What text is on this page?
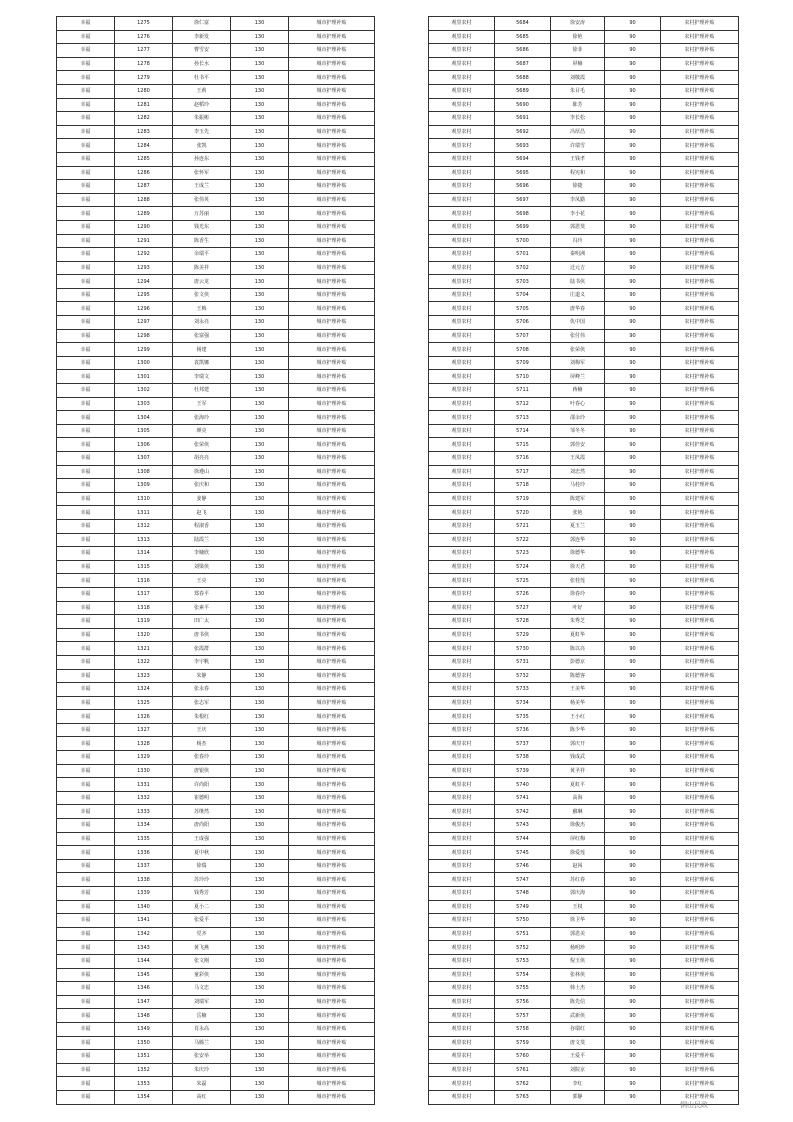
幸福	1275	徐仁富	130	城市护理补贴
幸福	1276	李新发	130	城市护理补贴
幸福	1277	曹雪安	130	城市护理补贴
幸福	1278	孙长水	130	城市护理补贴
幸福	1279	杜书平	130	城市护理补贴
幸福	1280	王莉	130	城市护理补贴
幸福	1281	赵稻玲	130	城市护理补贴
幸福	1282	朱振彬	130	城市护理补贴
幸福	1283	李玉先	130	城市护理补贴
幸福	1284	张凯	130	城市护理补贴
幸福	1285	孙连东	130	城市护理补贴
幸福	1286	张怀军	130	城市护理补贴
幸福	1287	王成兰	130	城市护理补贴
幸福	1288	张伟英	130	城市护理补贴
幸福	1289	万苏丽	130	城市护理补贴
幸福	1290	钱光东	130	城市护理补贴
幸福	1291	陈香生	130	城市护理补贴
幸福	1292	余瑞平	130	城市护理补贴
幸福	1293	陈美祥	130	城市护理补贴
幸福	1294	唐云龙	130	城市护理补贴
幸福	1295	张文侠	130	城市护理补贴
幸福	1296	王梅	130	城市护理补贴
幸福	1297	刘永亮	130	城市护理补贴
幸福	1298	张富强	130	城市护理补贴
幸福	1299	杨建	130	城市护理补贴
幸福	1300	袁凯娜	130	城市护理补贴
幸福	1301	李瑞文	130	城市护理补贴
幸福	1302	杜邦建	130	城市护理补贴
幸福	1303	王军	130	城市护理补贴
幸福	1304	张海玲	130	城市护理补贴
幸福	1305	颜亮	130	城市护理补贴
幸福	1306	张荣侠	130	城市护理补贴
幸福	1307	胡亮亮	130	城市护理补贴
幸福	1308	徐遵山	130	城市护理补贴
幸福	1309	张庆和	130	城市护理补贴
幸福	1310	姜静	130	城市护理补贴
幸福	1311	赵飞	130	城市护理补贴
幸福	1312	程淑香	130	城市护理补贴
幸福	1313	陆霞兰	130	城市护理补贴
幸福	1314	李墉欣	130	城市护理补贴
幸福	1315	刘梁侠	130	城市护理补贴
幸福	1316	王亮	130	城市护理补贴
幸福	1317	郑春平	130	城市护理补贴
幸福	1318	张素平	130	城市护理补贴
幸福	1319	田广太	130	城市护理补贴
幸福	1320	唐书侠	130	城市护理补贴
幸福	1321	张霞群	130	城市护理补贴
幸福	1322	李宇帆	130	城市护理补贴
幸福	1323	朱静	130	城市护理补贴
幸福	1324	张永春	130	城市护理补贴
幸福	1325	张志军	130	城市护理补贴
幸福	1326	朱根红	130	城市护理补贴
幸福	1327	王庆	130	城市护理补贴
幸福	1328	杨杰	130	城市护理补贴
幸福	1329	张春玲	130	城市护理补贴
幸福	1330	唐银侠	130	城市护理补贴
幸福	1331	许尚阳	130	城市护理补贴
幸福	1332	崔德明	130	城市护理补贴
幸福	1333	苏继然	130	城市护理补贴
幸福	1334	唐尚阳	130	城市护理补贴
幸福	1335	王成强	130	城市护理补贴
幸福	1336	夏中秋	130	城市护理补贴
幸福	1337	徐瑞	130	城市护理补贴
幸福	1338	苏玲玲	130	城市护理补贴
幸福	1339	钱秀芳	130	城市护理补贴
幸福	1340	夏小二	130	城市护理补贴
幸福	1341	张爱平	130	城市护理补贴
幸福	1342	党齐	130	城市护理补贴
幸福	1343	黄飞燕	130	城市护理补贴
幸福	1344	张文刚	130	城市护理补贴
幸福	1345	童彩侠	130	城市护理补贴
幸福	1346	马文忠	130	城市护理补贴
幸福	1347	刘瑞军	130	城市护理补贴
幸福	1348	岳楠	130	城市护理补贴
幸福	1349	肖永高	130	城市护理补贴
幸福	1350	马腾兰	130	城市护理补贴
幸福	1351	张安举	130	城市护理补贴
幸福	1352	朱庆玲	130	城市护理补贴
幸福	1353	朱磊	130	城市护理补贴
幸福	1354	高红	130	城市护理补贴
观里农村	5684	徐安涛	90	农村护理补贴
观里农村	5685	徐艳	90	农村护理补贴
观里农村	5686	徐菲	90	农村护理补贴
观里农村	5687	屏楠	90	农村护理补贴
观里农村	5688	刘敬霞	90	农村护理补贴
观里农村	5689	朱目毛	90	农村护理补贴
观里农村	5690	陈芳	90	农村护理补贴
观里农村	5691	李长松	90	农村护理补贴
观里农村	5692	冯厚昌	90	农村护理补贴
观里农村	5693	许瑞雪	90	农村护理补贴
观里农村	5694	王钱孝	90	农村护理补贴
观里农村	5695	程宪和	90	农村护理补贴
观里农村	5696	徐捷	90	农村护理补贴
观里农村	5697	李凤勤	90	农村护理补贴
观里农村	5698	李小花	90	农村护理补贴
观里农村	5699	郭恩斐	90	农村护理补贴
观里农村	5700	冯玲	90	农村护理补贴
观里农村	5701	秦明洲	90	农村护理补贴
观里农村	5702	迁元吉	90	农村护理补贴
观里农村	5703	陆书侠	90	农村护理补贴
观里农村	5704	庄道义	90	农村护理补贴
观里农村	5705	唐华春	90	农村护理补贴
观里农村	5706	仇中国	90	农村护理补贴
观里农村	5707	张付伟	90	农村护理补贴
观里农村	5708	张荣侠	90	农村护理补贴
观里农村	5709	刘梅军	90	农村护理补贴
观里农村	5710	屏峰兰	90	农村护理补贴
观里农村	5711	蒋楠	90	农村护理补贴
观里农村	5712	叶春心	90	农村护理补贴
观里农村	5713	邵余玲	90	农村护理补贴
观里农村	5714	邹冬冬	90	农村护理补贴
观里农村	5715	郭佳安	90	农村护理补贴
观里农村	5716	王凤霞	90	农村护理补贴
观里农村	5717	刘忠然	90	农村护理补贴
观里农村	5718	马桂玲	90	农村护理补贴
观里农村	5719	陈建军	90	农村护理补贴
观里农村	5720	张艳	90	农村护理补贴
观里农村	5721	夏玉兰	90	农村护理补贴
观里农村	5722	郭连华	90	农村护理补贴
观里农村	5723	徐德华	90	农村护理补贴
观里农村	5724	徐天君	90	农村护理补贴
观里农村	5725	张桂莲	90	农村护理补贴
观里农村	5726	徐春玲	90	农村护理补贴
观里农村	5727	叶好	90	农村护理补贴
观里农村	5728	朱秀芝	90	农村护理补贴
观里农村	5729	夏虹华	90	农村护理补贴
观里农村	5730	陈以亮	90	农村护理补贴
观里农村	5731	彭德京	90	农村护理补贴
观里农村	5732	陈德客	90	农村护理补贴
观里农村	5733	王美华	90	农村护理补贴
观里农村	5734	杨美华	90	农村护理补贴
观里农村	5735	王小红	90	农村护理补贴
观里农村	5736	陈少华	90	农村护理补贴
观里农村	5737	郭庆开	90	农村护理补贴
观里农村	5738	钱成武	90	农村护理补贴
观里农村	5739	黄圣祥	90	农村护理补贴
观里农村	5740	夏虹平	90	农村护理补贴
观里农村	5741	高海	90	农村护理补贴
观里农村	5742	蘇琳	90	农村护理补贴
观里农村	5743	徐俊杰	90	农村护理补贴
观里农村	5744	屏红梅	90	农村护理补贴
观里农村	5745	徐爱莲	90	农村护理补贴
观里农村	5746	赵闯	90	农村护理补贴
观里农村	5747	苏红春	90	农村护理补贴
观里农村	5748	郭庆海	90	农村护理补贴
观里农村	5749	王权	90	农村护理补贴
观里农村	5750	徐卫华	90	农村护理补贴
观里农村	5751	郭恩美	90	农村护理补贴
观里农村	5752	杨明珍	90	农村护理补贴
观里农村	5753	倪玉侠	90	农村护理补贴
观里农村	5754	张林侠	90	农村护理补贴
观里农村	5755	韩士杰	90	农村护理补贴
观里农村	5756	陈先信	90	农村护理补贴
观里农村	5757	武新侠	90	农村护理补贴
观里农村	5758	谷瑞红	90	农村护理补贴
观里农村	5759	唐文斐	90	农村护理补贴
观里农村	5760	王爱平	90	农村护理补贴
观里农村	5761	刘院京	90	农村护理补贴
观里农村	5762	李红	90	农村护理补贴
观里农村	5763	郭静	90	农村护理补贴
铜山民政
